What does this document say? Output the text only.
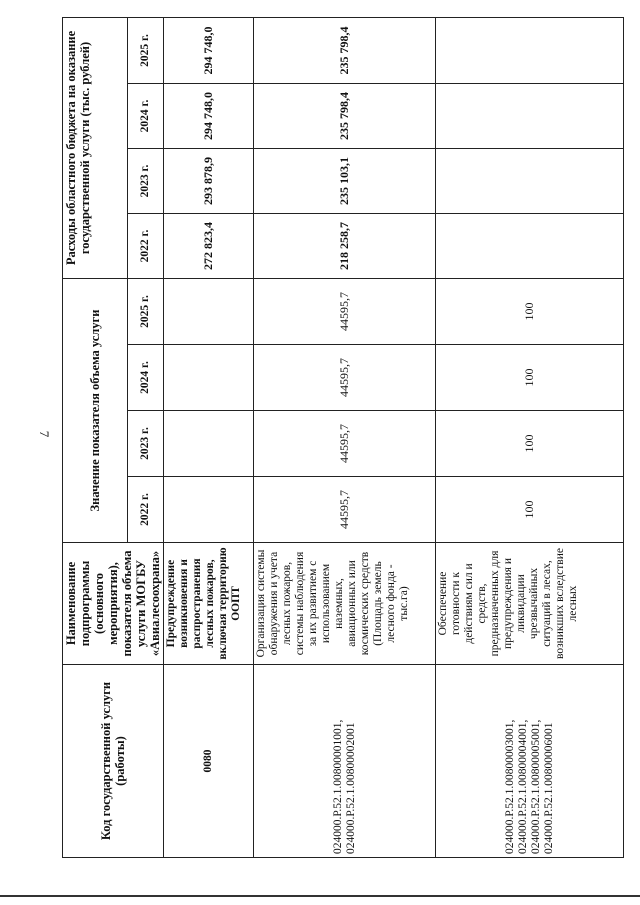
7
Код государственной услуги (работы)	Наименование подпрограммы (основного мероприятия), показателя объема услуги МОГБУ «Авиалесоохрана»	Значение показателя объема услуги				Расходы областного бюджета на оказание государственной услуги (тыс. рублей)			
		2022 г.	2023 г.	2024 г.	2025 г.	2022 г.	2023 г.	2024 г.	2025 г.
0080	Предупреждение возникновения и распространения лесных пожаров, включая территорию ООПТ					272 823,4	293 878,9	294 748,0	294 748,0
024000.Р.52.1.00800001001, 024000.Р.52.1.00800002001	Организация системы обнаружения и учета лесных пожаров, системы наблюдения за их развитием с использованием наземных, авиационных или космических средств (Площадь земель лесного фонда - тыс.га)	44595,7	44595,7	44595,7	44595,7	218 258,7	235 103,1	235 798,4	235 798,4
024000.Р.52.1.00800003001, 024000.Р.52.1.00800004001, 024000.Р.52.1.00800005001, 024000.Р.52.1.00800006001	Обеспечение готовности к действиям сил и средств, предназначенных для предупреждения и ликвидации чрезвычайных ситуаций в лесах, возникших вследствие лесных	100	100	100	100				
